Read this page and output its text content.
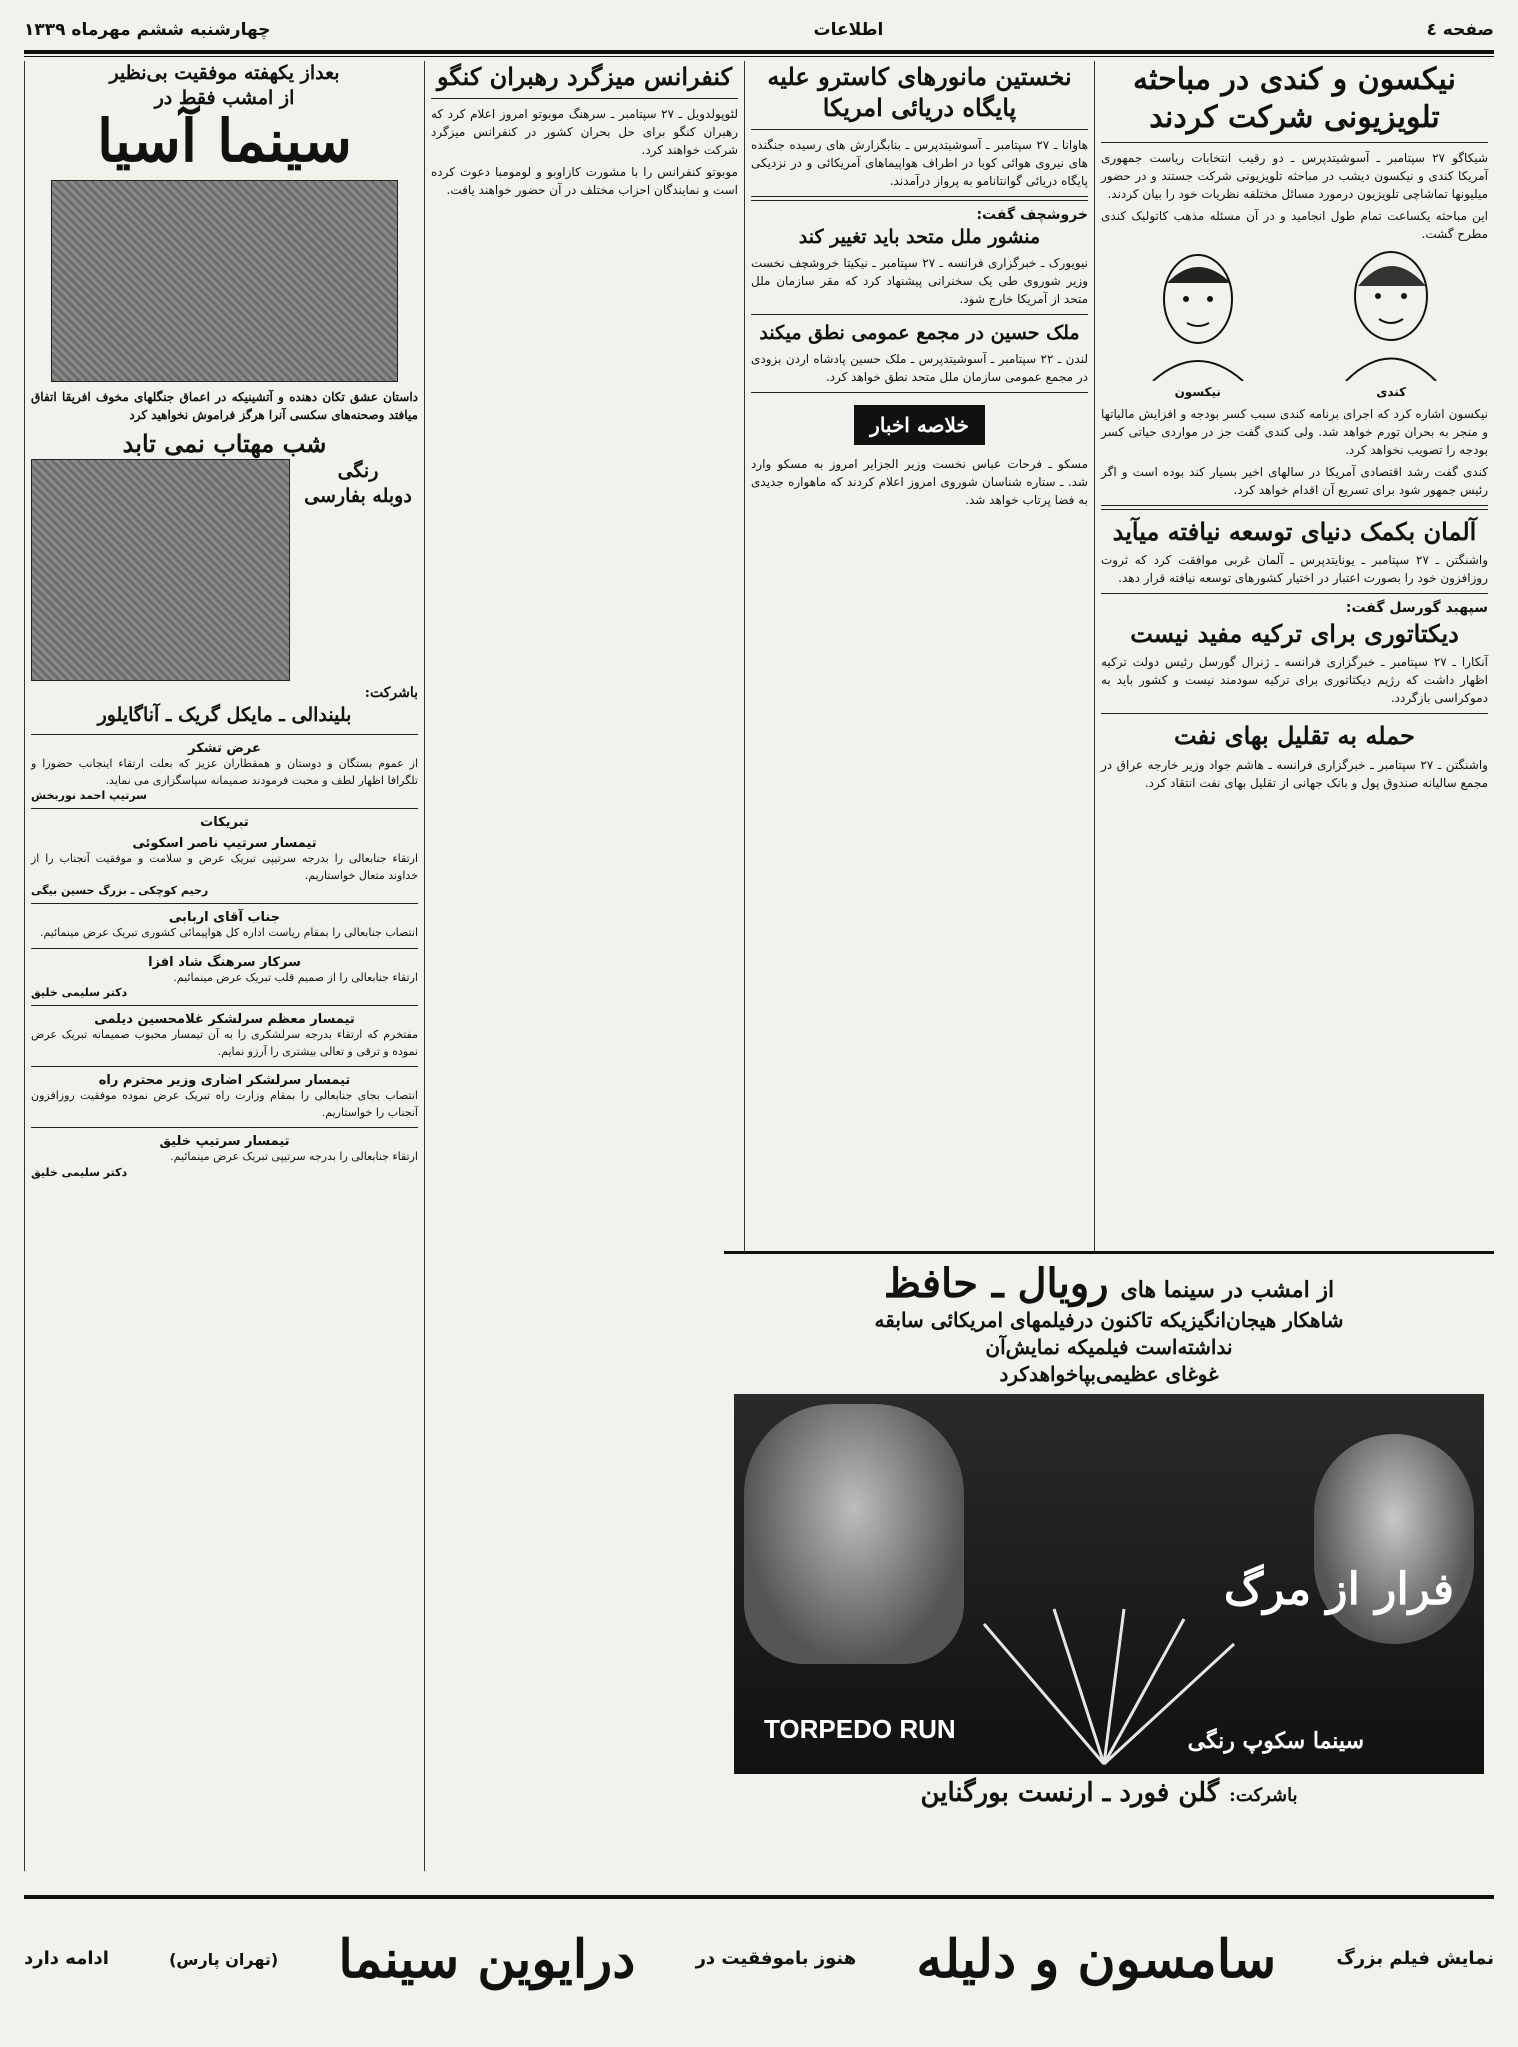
صفحه ٤
اطلاعات
چهارشنبه ششم مهرماه ۱۳۳۹
نیکسون و کندی در مباحثه تلویزیونی شرکت کردند

شیکاگو ۲۷ سپتامبر ـ آسوشیتدپرس ـ دو رقیب انتخابات ریاست جمهوری آمریکا کندی و نیکسون دیشب در مباحثه تلویزیونی شرکت جستند و در حضور میلیونها تماشاچی تلویزیون درمورد مسائل مختلفه نظریات خود را بیان کردند.

این مباحثه یکساعت تمام طول انجامید و در آن مسئله مذهب کاتولیک کندی مطرح گشت.

کندی
نیکسون

نیکسون اشاره کرد که اجرای برنامه کندی سبب کسر بودجه و افزایش مالیاتها و منجر به بحران تورم خواهد شد. ولی کندی گفت جز در مواردی حیاتی کسر بودجه را تصویب نخواهد کرد.

کندی گفت رشد اقتصادی آمریکا در سالهای اخیر بسیار کند بوده است و اگر رئیس جمهور شود برای تسریع آن اقدام خواهد کرد.

آلمان بکمک دنیای توسعه نیافته میآید

واشنگتن ـ ۲۷ سپتامبر ـ یونایتدپرس ـ آلمان غربی موافقت کرد که ثروت روزافزون خود را بصورت اعتبار در اختیار کشورهای توسعه نیافته قرار دهد.

سپهبد گورسل گفت:
دیکتاتوری برای ترکیه مفید نیست

آنکارا ـ ۲۷ سپتامبر ـ خبرگزاری فرانسه ـ ژنرال گورسل رئیس دولت ترکیه اظهار داشت که رژیم دیکتاتوری برای ترکیه سودمند نیست و کشور باید به دموکراسی بازگردد.

حمله به تقلیل بهای نفت

واشنگتن ـ ۲۷ سپتامبر ـ خبرگزاری فرانسه ـ هاشم جواد وزیر خارجه عراق در مجمع سالیانه صندوق پول و بانک جهانی از تقلیل بهای نفت انتقاد کرد.

نخستین مانورهای کاسترو علیه پایگاه دریائی امریکا

هاوانا ـ ۲۷ سپتامبر ـ آسوشیتدپرس ـ بنابگزارش های رسیده جنگنده های نیروی هوائی کوبا در اطراف هواپیماهای آمریکائی و در نزدیکی پایگاه دریائی گوانتانامو به پرواز درآمدند.

خروشچف گفت:
منشور ملل متحد باید تغییر کند

نیویورک ـ خبرگزاری فرانسه ـ ۲۷ سپتامبر ـ نیکیتا خروشچف نخست وزیر شوروی طی یک سخنرانی پیشنهاد کرد که مقر سازمان ملل متحد از آمریکا خارج شود.

ملک حسین در مجمع عمومی نطق میکند

لندن ـ ۲۲ سپتامبر ـ آسوشیتدپرس ـ ملک حسین پادشاه اردن بزودی در مجمع عمومی سازمان ملل متحد نطق خواهد کرد.

خلاصه اخبار

مسکو ـ فرحات عباس نخست وزیر الجزایر امروز به مسکو وارد شد. ـ ستاره شناسان شوروی امروز اعلام کردند که ماهواره جدیدی به فضا پرتاب خواهد شد.

کنفرانس میزگرد رهبران کنگو

لئوپولدویل ـ ۲۷ سپتامبر ـ سرهنگ موبوتو امروز اعلام کرد که رهبران کنگو برای حل بحران کشور در کنفرانس میزگرد شرکت خواهند کرد.

موبوتو کنفرانس را با مشورت کازاوبو و لومومبا دعوت کرده است و نمایندگان احزاب مختلف در آن حضور خواهند یافت.

بعداز یکهفته موفقیت بی‌نظیر
از امشب فقط در
سینما آسیا
داستان عشق تکان دهنده و آتشینیکه در اعماق جنگلهای مخوف افریقا اتفاق میافتد وصحنه‌های سکسی آنرا هرگز فراموش نخواهید کرد
شب مهتاب نمی تابد
رنگی
دوبله بفارسی
باشرکت:
بلیندالی ـ مایکل گریک ـ آناگایلور
عرض تشکر
از عموم بستگان و دوستان و همقطاران عزیز که بعلت ارتقاء اینجانب حضورا و تلگرافا اظهار لطف و محبت فرمودند صمیمانه سپاسگزاری می نماید.
سرتیپ احمد نوربخش
تبریکات
تیمسار سرتیپ ناصر اسکوئی
ارتقاء جنابعالی را بدرجه سرتیپی تبریک عرض و سلامت و موفقیت آنجناب را از خداوند متعال خواستاریم.
رحیم کوچکی ـ بزرگ حسین بیگی
جناب آقای اربابی
انتصاب جنابعالی را بمقام ریاست اداره کل هواپیمائی کشوری تبریک عرض مینمائیم.
سرکار سرهنگ شاد افزا
ارتقاء جنابعالی را از صمیم قلب تبریک عرض مینمائیم.
دکتر سلیمی خلیق
تیمسار معظم سرلشکر غلامحسین دیلمی
مفتخرم که ارتقاء بدرجه سرلشکری را به آن تیمسار محبوب صمیمانه تبریک عرض نموده و ترقی و تعالی بیشتری را آرزو نمایم.
تیمسار سرلشکر اضاری وزیر محترم راه
انتصاب بجای جنابعالی را بمقام وزارت راه تبریک عرض نموده موفقیت روزافزون آنجناب را خواستاریم.
تیمسار سرتیپ خلیق
ارتقاء جنابعالی را بدرجه سرتیپی تبریک عرض مینمائیم.
دکتر سلیمی خلیق
از امشب در سینما های
رویال ـ حافظ
شاهکار هیجان‌انگیزیکه تاکنون درفیلمهای امریکائی سابقه
نداشته‌است فیلمیکه نمایش‌آن
غوغای عظیمی‌بپاخواهدکرد
فرار از مرگ
TORPEDO RUN	سینما سکوپ رنگی
باشرکت:
گلن فورد ـ ارنست بورگناین
نمایش فیلم بزرگ
سامسون و دلیله
هنوز باموفقیت در
درایوین سینما
(تهران پارس)
ادامه دارد
